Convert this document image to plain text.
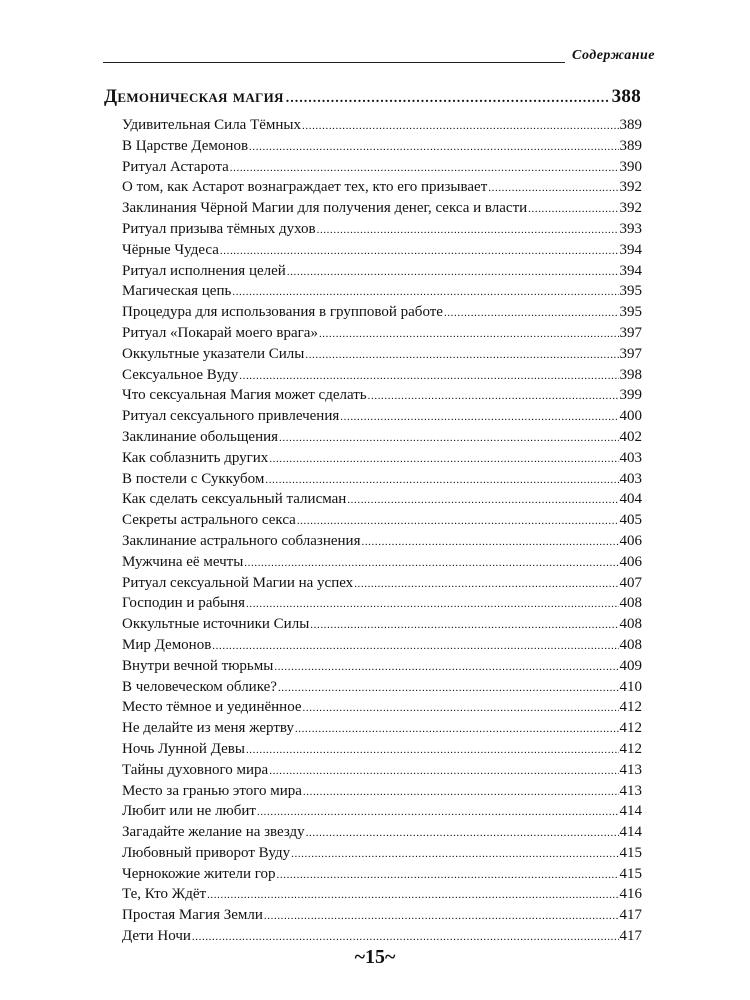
Содержание
Демоническая магия .....	388
Удивительная Сила Тёмных .....	389
В Царстве Демонов .....	389
Ритуал Астарота .....	390
О том, как Астарот вознаграждает тех, кто его призывает .....	392
Заклинания Чёрной Магии для получения денег, секса и власти .....	392
Ритуал призыва тёмных духов .....	393
Чёрные Чудеса .....	394
Ритуал исполнения целей .....	394
Магическая цепь .....	395
Процедура для использования в групповой работе .....	395
Ритуал «Покарай моего врага» .....	397
Оккультные указатели Силы .....	397
Сексуальное Вуду .....	398
Что сексуальная Магия может сделать .....	399
Ритуал сексуального привлечения .....	400
Заклинание обольщения .....	402
Как соблазнить других .....	403
В постели с Суккубом .....	403
Как сделать сексуальный талисман .....	404
Секреты астрального секса .....	405
Заклинание астрального соблазнения .....	406
Мужчина её мечты .....	406
Ритуал сексуальной Магии на успех .....	407
Господин и рабыня .....	408
Оккультные источники Силы .....	408
Мир Демонов .....	408
Внутри вечной тюрьмы .....	409
В человеческом облике? .....	410
Место тёмное и уединённое .....	412
Не делайте из меня жертву .....	412
Ночь Лунной Девы .....	412
Тайны духовного мира .....	413
Место за гранью этого мира .....	413
Любит или не любит .....	414
Загадайте желание на звезду .....	414
Любовный приворот Вуду .....	415
Чернокожие жители гор .....	415
Те, Кто Ждёт .....	416
Простая Магия Земли .....	417
Дети Ночи .....	417
~15~
